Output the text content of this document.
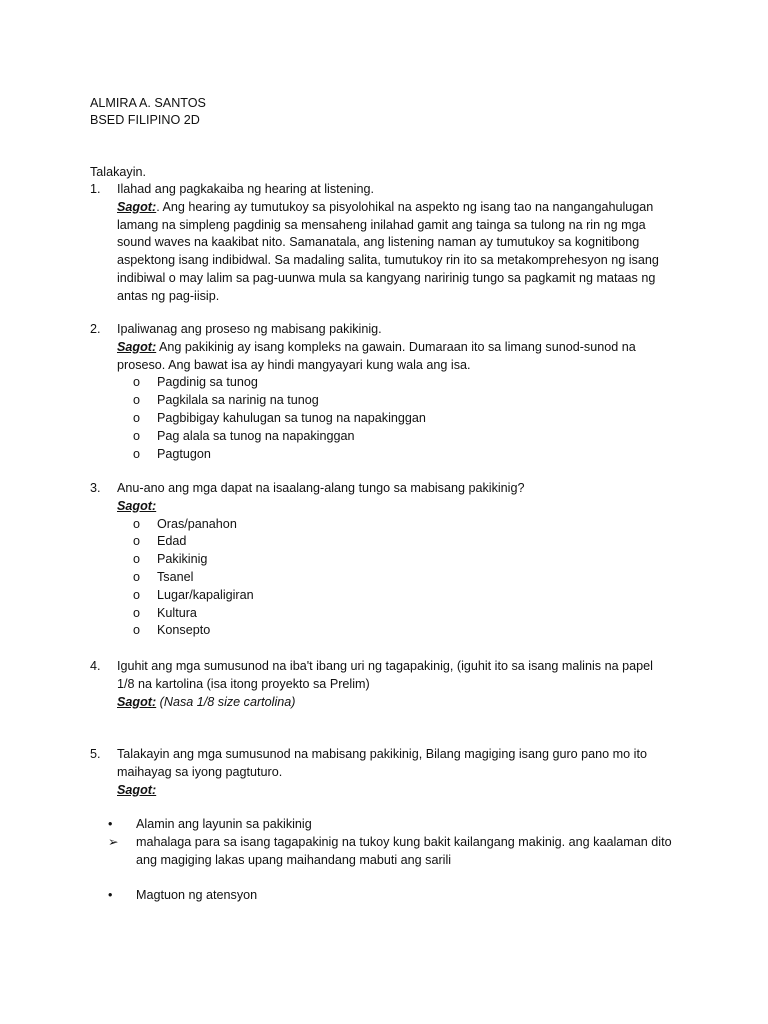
ALMIRA A. SANTOS
BSED FILIPINO 2D
Talakayin.
1. Ilahad ang pagkakaiba ng hearing at listening.
Sagot:. Ang hearing ay tumutukoy sa pisyolohikal na aspekto ng isang tao na nangangahulugan lamang na simpleng pagdinig sa mensaheng inilahad gamit ang tainga sa tulong na rin ng mga sound waves na kaakibat nito. Samanatala, ang listening naman ay tumutukoy sa kognitibong aspektong isang indibidwal. Sa madaling salita, tumutukoy rin ito sa metakomprehesyon ng isang indibiwal o may lalim sa pag-uunwa mula sa kangyang naririnig tungo sa pagkamit ng mataas ng antas ng pag-iisip.
2. Ipaliwanag ang proseso ng mabisang pakikinig.
Sagot: Ang pakikinig ay isang kompleks na gawain. Dumaraan ito sa limang sunod-sunod na proseso. Ang bawat isa ay hindi mangyayari kung wala ang isa.
o Pagdinig sa tunog
o Pagkilala sa narinig na tunog
o Pagbibigay kahulugan sa tunog na napakinggan
o Pag alala sa tunog na napakinggan
o Pagtugon
3. Anu-ano ang mga dapat na isaalang-alang tungo sa mabisang pakikinig?
Sagot:
o Oras/panahon
o Edad
o Pakikinig
o Tsanel
o Lugar/kapaligiran
o Kultura
o Konsepto
4. Iguhit ang mga sumusunod na iba't ibang uri ng tagapakinig, (iguhit ito sa isang malinis na papel 1/8 na kartolina (isa itong proyekto sa Prelim)
Sagot: (Nasa 1/8 size cartolina)
5. Talakayin ang mga sumusunod na mabisang pakikinig, Bilang magiging isang guro pano mo ito maihayag sa iyong pagtuturo.
Sagot:
• Alamin ang layunin sa pakikinig
➢ mahalaga para sa isang tagapakinig na tukoy kung bakit kailangang makinig. ang kaalaman dito ang magiging lakas upang maihandang mabuti ang sarili
• Magtuon ng atensyon
